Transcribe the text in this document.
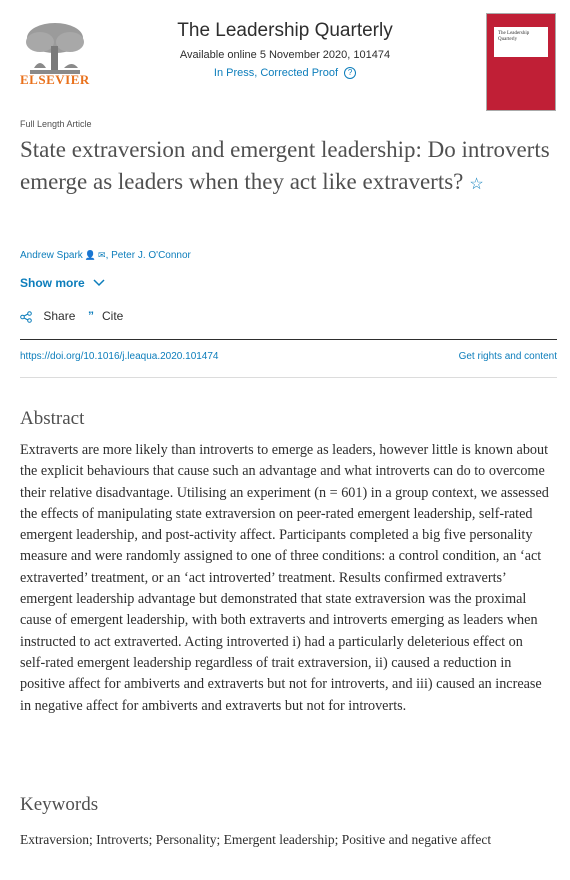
ELSEVIER
The Leadership Quarterly
Available online 5 November 2020, 101474
In Press, Corrected Proof ?
The Leadership Quarterly
Full Length Article
State extraversion and emergent leadership: Do introverts emerge as leaders when they act like extraverts? ☆
Andrew Spark 👤 ✉, Peter J. O'Connor
Show more
Share ” Cite
https://doi.org/10.1016/j.leaqua.2020.101474	Get rights and content
Abstract
Extraverts are more likely than introverts to emerge as leaders, however little is known about the explicit behaviours that cause such an advantage and what introverts can do to overcome their relative disadvantage. Utilising an experiment (n = 601) in a group context, we assessed the effects of manipulating state extraversion on peer-rated emergent leadership, self-rated emergent leadership, and post-activity affect. Participants completed a big five personality measure and were randomly assigned to one of three conditions: a control condition, an ‘act extraverted’ treatment, or an ‘act introverted’ treatment. Results confirmed extraverts’ emergent leadership advantage but demonstrated that state extraversion was the proximal cause of emergent leadership, with both extraverts and introverts emerging as leaders when instructed to act extraverted. Acting introverted i) had a particularly deleterious effect on self-rated emergent leadership regardless of trait extraversion, ii) caused a reduction in positive affect for ambiverts and extraverts but not for introverts, and iii) caused an increase in negative affect for ambiverts and extraverts but not for introverts.
Keywords
Extraversion; Introverts; Personality; Emergent leadership; Positive and negative affect
